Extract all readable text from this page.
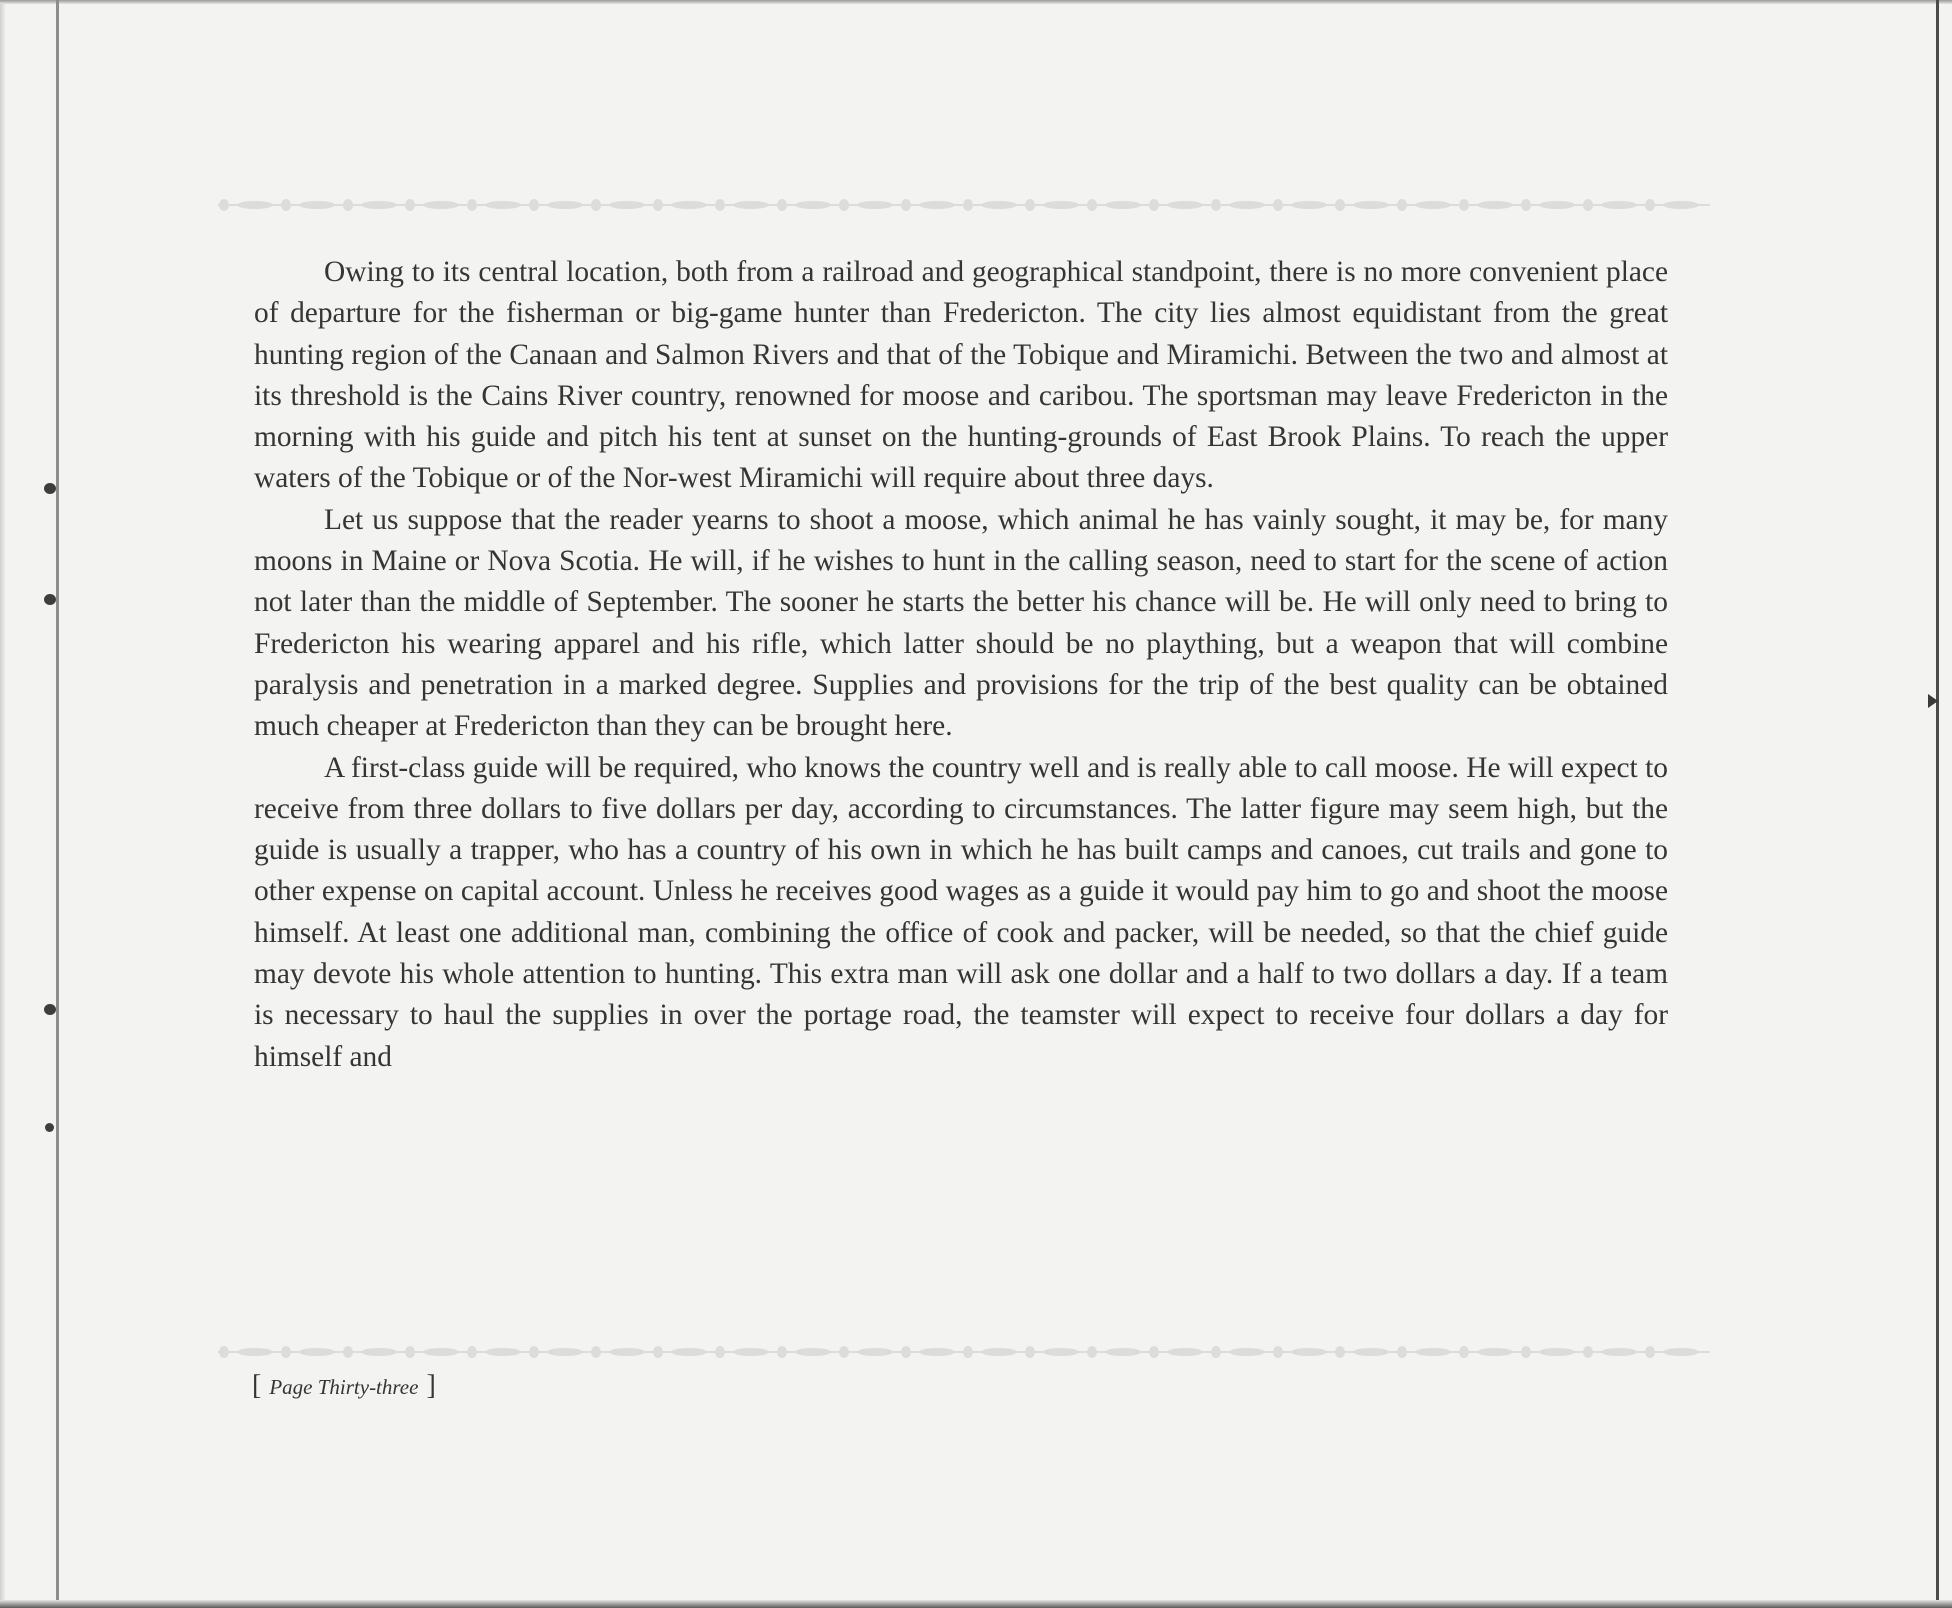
Owing to its central location, both from a railroad and geographical standpoint, there is no more convenient place of departure for the fisherman or big-game hunter than Fredericton. The city lies almost equidistant from the great hunting region of the Canaan and Salmon Rivers and that of the Tobique and Miramichi. Between the two and almost at its threshold is the Cains River country, renowned for moose and caribou. The sportsman may leave Fredericton in the morning with his guide and pitch his tent at sunset on the hunting-grounds of East Brook Plains. To reach the upper waters of the Tobique or of the Nor-west Miramichi will require about three days.

Let us suppose that the reader yearns to shoot a moose, which animal he has vainly sought, it may be, for many moons in Maine or Nova Scotia. He will, if he wishes to hunt in the calling season, need to start for the scene of action not later than the middle of September. The sooner he starts the better his chance will be. He will only need to bring to Fredericton his wearing apparel and his rifle, which latter should be no plaything, but a weapon that will combine paralysis and penetration in a marked degree. Supplies and provisions for the trip of the best quality can be obtained much cheaper at Fredericton than they can be brought here.

A first-class guide will be required, who knows the country well and is really able to call moose. He will expect to receive from three dollars to five dollars per day, according to circumstances. The latter figure may seem high, but the guide is usually a trapper, who has a country of his own in which he has built camps and canoes, cut trails and gone to other expense on capital account. Unless he receives good wages as a guide it would pay him to go and shoot the moose himself. At least one additional man, combining the office of cook and packer, will be needed, so that the chief guide may devote his whole attention to hunting. This extra man will ask one dollar and a half to two dollars a day. If a team is necessary to haul the supplies in over the portage road, the teamster will expect to receive four dollars a day for himself and

[ Page Thirty-three ]
